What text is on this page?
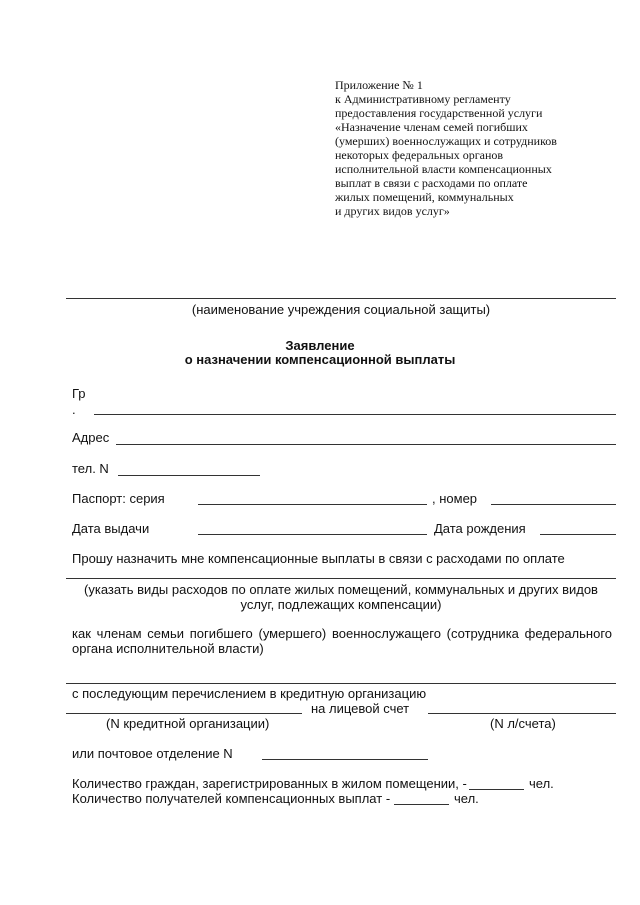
Приложение № 1
к Административному регламенту
предоставления государственной услуги
«Назначение членам семей погибших
(умерших) военнослужащих и сотрудников
некоторых федеральных органов
исполнительной власти компенсационных
выплат в связи с расходами по оплате
жилых помещений, коммунальных
и других видов услуг»
(наименование учреждения социальной защиты)
Заявление
о назначении компенсационной выплаты
Гр
.
Адрес
тел. N
Паспорт: серия	, номер
Дата выдачи	Дата рождения
Прошу назначить мне компенсационные выплаты в связи с расходами по оплате
(указать виды расходов по оплате жилых помещений, коммунальных и других видов
услуг, подлежащих компенсации)
как членам семьи погибшего (умершего) военнослужащего (сотрудника федерального
органа исполнительной власти)
с последующим перечислением в кредитную организацию
на лицевой счет
(N кредитной организации)	(N л/счета)
или почтовое отделение N
Количество граждан, зарегистрированных в жилом помещении, -	чел.
Количество получателей компенсационных выплат -	чел.
